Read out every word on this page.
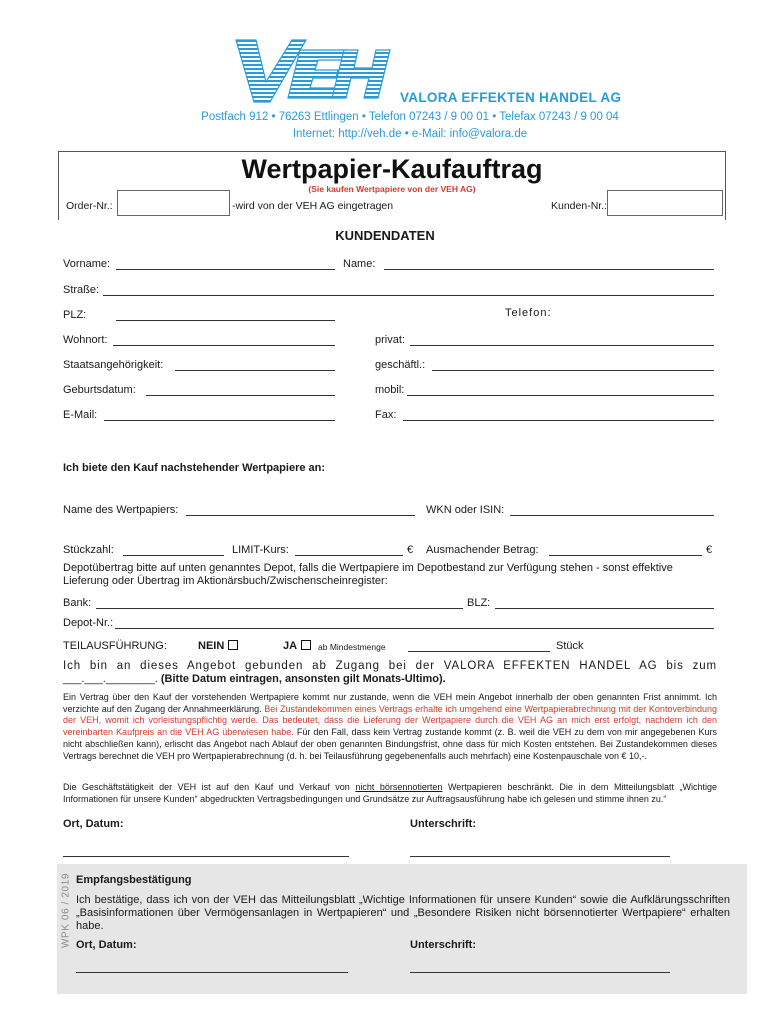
VALORA EFFEKTEN HANDEL AG
Postfach 912 • 76263 Ettlingen • Telefon 07243 / 9 00 01 • Telefax 07243 / 9 00 04
Internet: http://veh.de • e-Mail: info@valora.de
Wertpapier-Kaufauftrag
(Sie kaufen Wertpapiere von der VEH AG)
Order-Nr.:	-wird von der VEH AG eingetragen	Kunden-Nr.:
KUNDENDATEN
Vorname:	Name:
Straße:
PLZ:	Telefon:
Wohnort:	privat:
Staatsangehörigkeit:	geschäftl.:
Geburtsdatum:	mobil:
E-Mail:	Fax:
Ich biete den Kauf nachstehender Wertpapiere an:
Name des Wertpapiers:	WKN oder ISIN:
Stückzahl:	LIMIT-Kurs:	€ Ausmachender Betrag:	€
Depotübertrag bitte auf unten genanntes Depot, falls die Wertpapiere im Depotbestand zur Verfügung stehen - sonst effektive Lieferung oder Übertrag im Aktionärsbuch/Zwischenscheinregister:
Bank:	BLZ:
Depot-Nr.:
TEILAUSFÜHRUNG:	NEIN	JA	ab Mindestmenge	Stück
Ich bin an dieses Angebot gebunden ab Zugang bei der VALORA EFFEKTEN HANDEL AG bis zum
___.___.________. (Bitte Datum eintragen, ansonsten gilt Monats-Ultimo).
Ein Vertrag über den Kauf der vorstehenden Wertpapiere kommt nur zustande, wenn die VEH mein Angebot innerhalb der oben genannten Frist annimmt. Ich verzichte auf den Zugang der Annahmeerklärung. Bei Zustandekommen eines Vertrags erhalte ich umgehend eine Wertpapierabrechnung mit der Kontoverbindung der VEH, womit ich vorleistungspflichtig werde. Das bedeutet, dass die Lieferung der Wertpapiere durch die VEH AG an mich erst erfolgt, nachdem ich den vereinbarten Kaufpreis an die VEH AG überwiesen habe. Für den Fall, dass kein Vertrag zustande kommt (z. B. weil die VEH zu dem von mir angegebenen Kurs nicht abschließen kann), erlischt das Angebot nach Ablauf der oben genannten Bindungsfrist, ohne dass für mich Kosten entstehen. Bei Zustandekommen dieses Vertrags berechnet die VEH pro Wertpapierabrechnung (d. h. bei Teilausführung gegebenenfalls auch mehrfach) eine Kostenpauschale von € 10,-.
Die Geschäftstätigkeit der VEH ist auf den Kauf und Verkauf von nicht börsennotierten Wertpapieren beschränkt. Die in dem Mitteilungsblatt „Wichtige Informationen für unsere Kunden“ abgedruckten Vertragsbedingungen und Grundsätze zur Auftragsausführung habe ich gelesen und stimme ihnen zu.“
Ort, Datum:	Unterschrift:
Empfangsbestätigung
Ich bestätige, dass ich von der VEH das Mitteilungsblatt „Wichtige Informationen für unsere Kunden“ sowie die Aufklärungsschriften „Basisinformationen über Vermögensanlagen in Wertpapieren“ und „Besondere Risiken nicht börsennotierter Wertpapiere“ erhalten habe.
Ort, Datum:	Unterschrift:
WPK 06 / 2019
